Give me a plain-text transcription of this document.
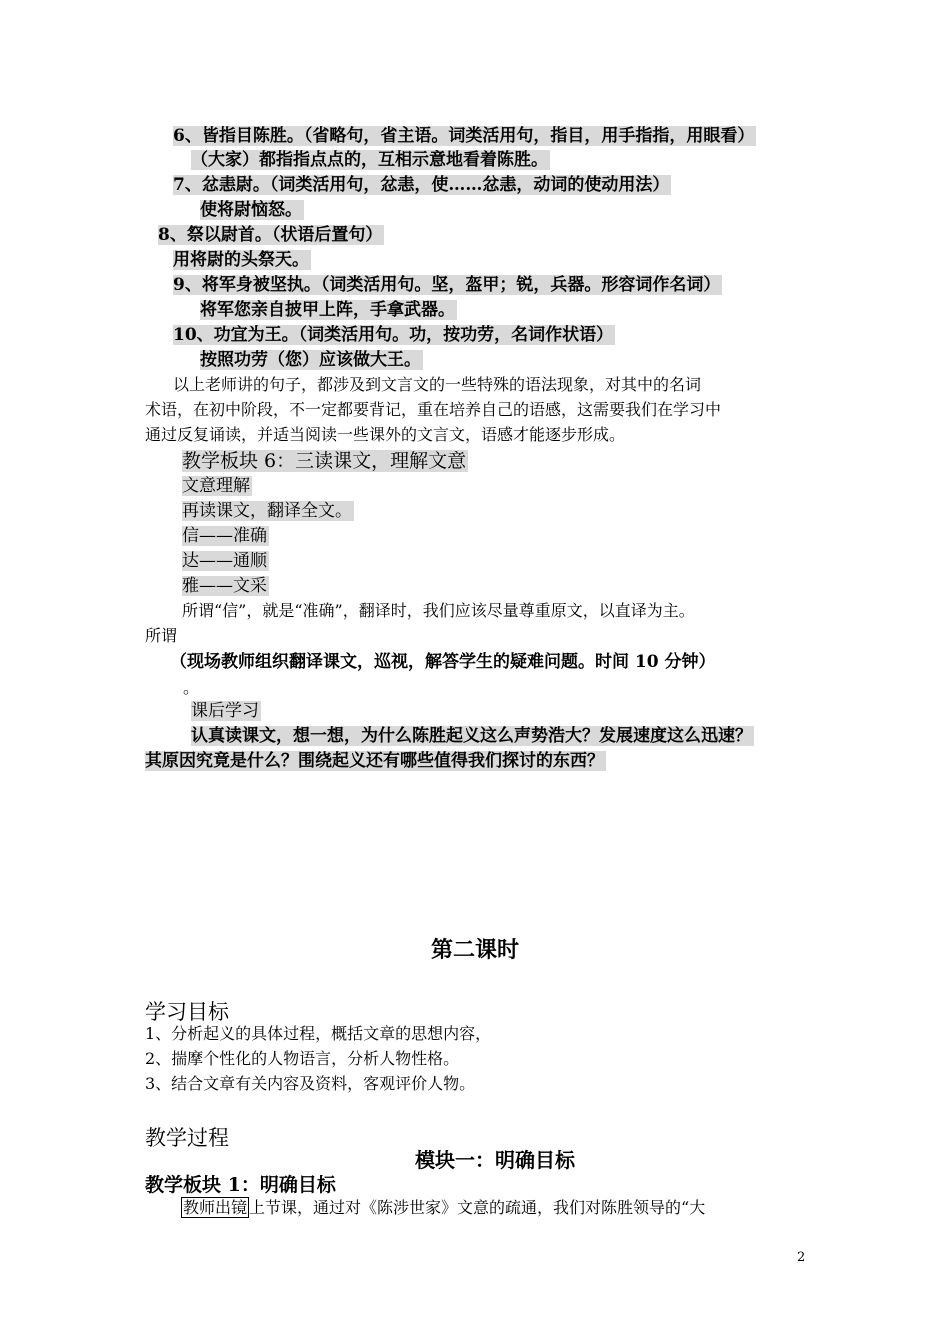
6、皆指目陈胜。（省略句，省主语。词类活用句，指目，用手指指，用眼看）
（大家）都指指点点的，互相示意地看着陈胜。
7、忿恚尉。（词类活用句，忿恚，使……忿恚，动词的使动用法）
使将尉恼怒。
8、祭以尉首。（状语后置句）
用将尉的头祭天。
9、将军身被坚执。（词类活用句。坚，盔甲；锐，兵器。形容词作名词）
将军您亲自披甲上阵，手拿武器。
10、功宜为王。（词类活用句。功，按功劳，名词作状语）
按照功劳（您）应该做大王。
以上老师讲的句子，都涉及到文言文的一些特殊的语法现象，对其中的名词
术语，在初中阶段，不一定都要背记，重在培养自己的语感，这需要我们在学习中
通过反复诵读，并适当阅读一些课外的文言文，语感才能逐步形成。
教学板块 6：三读课文，理解文意
文意理解
再读课文，翻译全文。
信——准确
达——通顺
雅——文采
所谓“信”，就是“准确”，翻译时，我们应该尽量尊重原文，以直译为主。
所谓
（现场教师组织翻译课文，巡视，解答学生的疑难问题。时间 10 分钟）
。
课后学习
认真读课文，想一想，为什么陈胜起义这么声势浩大？发展速度这么迅速？
其原因究竟是什么？围绕起义还有哪些值得我们探讨的东西？
第二课时
学习目标
1、分析起义的具体过程，概括文章的思想内容，
2、揣摩个性化的人物语言，分析人物性格。
3、结合文章有关内容及资料，客观评价人物。
教学过程
模块一：明确目标
教学板块 1：明确目标
教师出镜 上节课，通过对《陈涉世家》文意的疏通，我们对陈胜领导的“大
2
